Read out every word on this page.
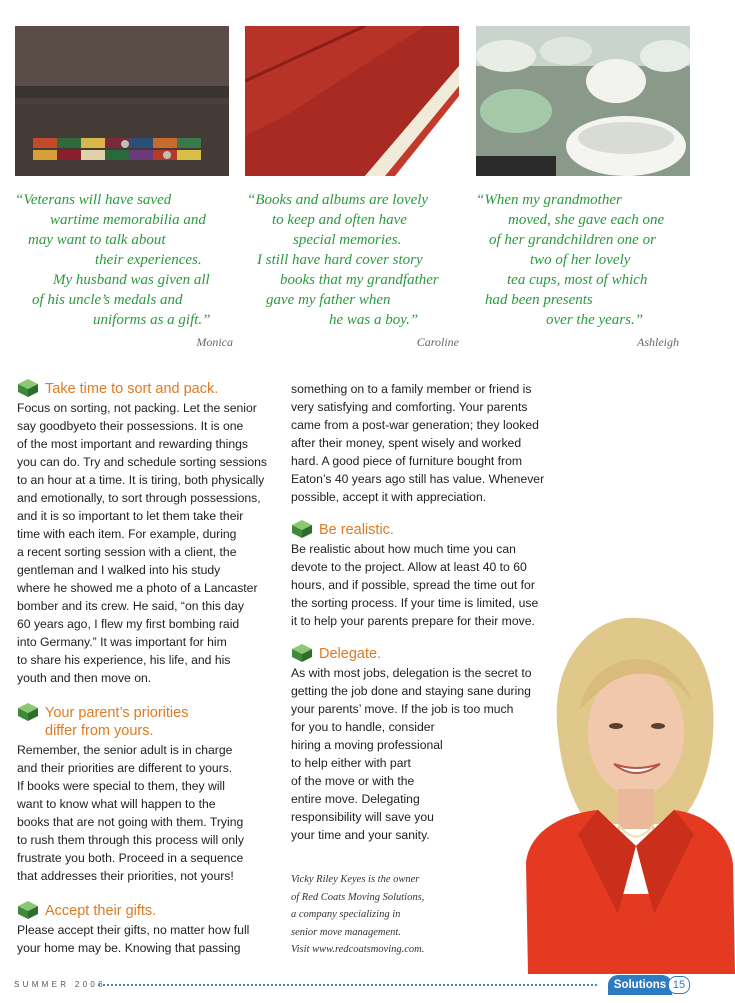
“Veterans will have saved
wartime memorabilia and
may want to talk about
their experiences.
My husband was given all
of his uncle’s medals and
uniforms as a gift.”
Monica
“Books and albums are lovely
to keep and often have
special memories.
I still have hard cover story
books that my grandfather
gave my father when
he was a boy.”
Caroline
“When my grandmother
moved, she gave each one
of her grandchildren one or
two of her lovely
tea cups, most of which
had been presents
over the years.”
Ashleigh
Take time to sort and pack.

Focus on sorting, not packing. Let the senior
say goodbyeto their possessions. It is one
of the most important and rewarding things
you can do. Try and schedule sorting sessions
to an hour at a time. It is tiring, both physically
and emotionally, to sort through possessions,
and it is so important to let them take their
time with each item. For example, during
a recent sorting session with a client, the
gentleman and I walked into his study
where he showed me a photo of a Lancaster
bomber and its crew. He said, “on this day
60 years ago, I flew my first bombing raid
into Germany.” It was important for him
to share his experience, his life, and his
youth and then move on.

Your parent’s priorities
differ from yours.

Remember, the senior adult is in charge
and their priorities are different to yours.
If books were special to them, they will
want to know what will happen to the
books that are not going with them. Trying
to rush them through this process will only
frustrate you both. Proceed in a sequence
that addresses their priorities, not yours!

Accept their gifts.

Please accept their gifts, no matter how full
your home may be. Knowing that passing

something on to a family member or friend is
very satisfying and comforting. Your parents
came from a post-war generation; they looked
after their money, spent wisely and worked
hard. A good piece of furniture bought from
Eaton’s 40 years ago still has value. Whenever
possible, accept it with appreciation.

Be realistic.

Be realistic about how much time you can
devote to the project. Allow at least 40 to 60
hours, and if possible, spread the time out for
the sorting process. If your time is limited, use
it to help your parents prepare for their move.

Delegate.

As with most jobs, delegation is the secret to
getting the job done and staying sane during
your parents’ move. If the job is too much
for you to handle, consider
hiring a moving professional
to help either with part
of the move or with the
entire move. Delegating
responsibility will save you
your time and your sanity.

Vicky Riley Keyes is the owner
of Red Coats Moving Solutions,
a company specializing in
senior move management.
Visit www.redcoatsmoving.com.
SUMMER 2006	Solutions 15
